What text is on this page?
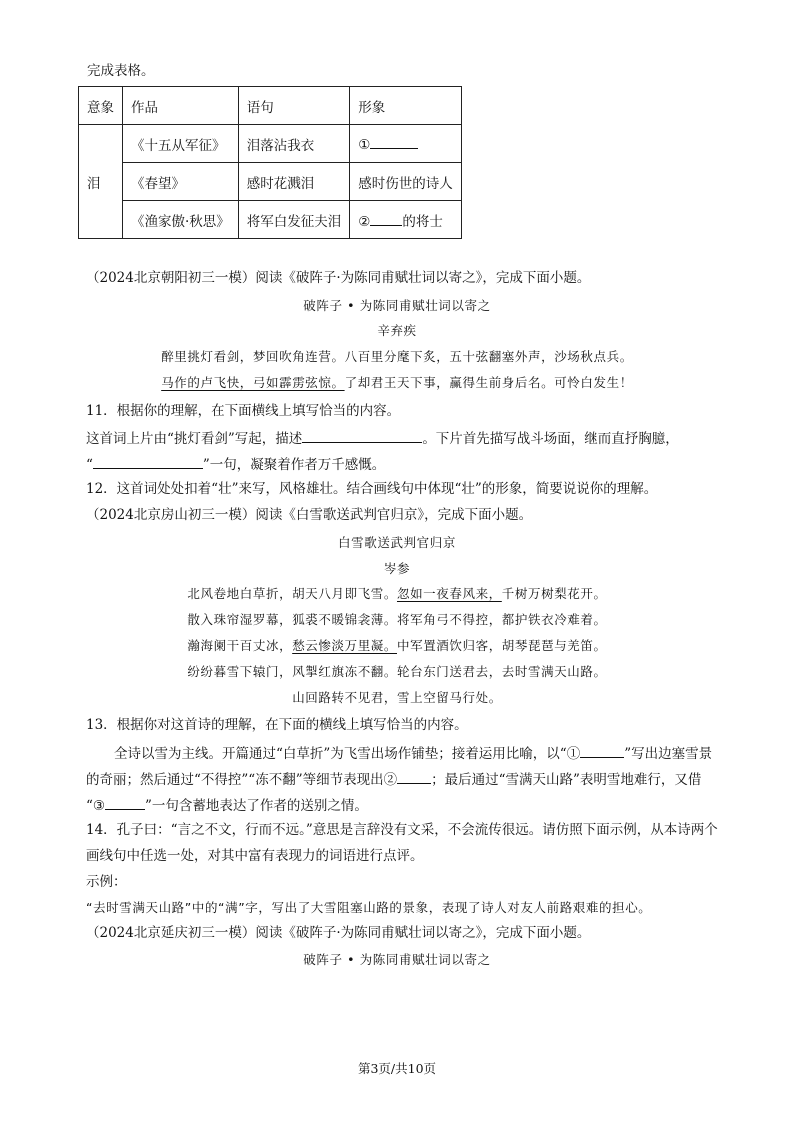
完成表格。
意象	作品	语句	形象
泪	《十五从军征》	泪落沾我衣	①
	《春望》	感时花溅泪	感时伤世的诗人
	《渔家傲·秋思》	将军白发征夫泪	② 的将士
（2024北京朝阳初三一模）阅读《破阵子·为陈同甫赋壮词以寄之》，完成下面小题。
破阵子 • 为陈同甫赋壮词以寄之
辛弃疾
醉里挑灯看剑，梦回吹角连营。八百里分麾下炙，五十弦翻塞外声，沙场秋点兵。
马作的卢飞快，弓如霹雳弦惊。了却君王天下事，赢得生前身后名。可怜白发生！
11．根据你的理解，在下面横线上填写恰当的内容。
这首词上片由“挑灯看剑”写起，描述	。下片首先描写战斗场面，继而直抒胸臆，
“	”一句，凝聚着作者万千感慨。
12．这首词处处扣着“壮”来写，风格雄壮。结合画线句中体现“壮”的形象，简要说说你的理解。
（2024北京房山初三一模）阅读《白雪歌送武判官归京》，完成下面小题。
白雪歌送武判官归京
岑参
北风卷地白草折，胡天八月即飞雪。忽如一夜春风来，千树万树梨花开。
散入珠帘湿罗幕，狐裘不暖锦衾薄。将军角弓不得控，都护铁衣冷难着。
瀚海阑干百丈冰，愁云惨淡万里凝。中军置酒饮归客，胡琴琵琶与羌笛。
纷纷暮雪下辕门，风掣红旗冻不翻。轮台东门送君去，去时雪满天山路。
山回路转不见君，雪上空留马行处。
13．根据你对这首诗的理解，在下面的横线上填写恰当的内容。
全诗以雪为主线。开篇通过“白草折”为飞雪出场作铺垫；接着运用比喻，以“①	”写出边塞雪景
的奇丽；然后通过“不得控”“冻不翻”等细节表现出②	；最后通过“雪满天山路”表明雪地难行，又借
“③	”一句含蓄地表达了作者的送别之情。
14．孔子曰：“言之不文，行而不远。”意思是言辞没有文采，不会流传很远。请仿照下面示例，从本诗两个
画线句中任选一处，对其中富有表现力的词语进行点评。
示例：
“去时雪满天山路”中的“满”字，写出了大雪阻塞山路的景象，表现了诗人对友人前路艰难的担心。
（2024北京延庆初三一模）阅读《破阵子·为陈同甫赋壮词以寄之》，完成下面小题。
破阵子 • 为陈同甫赋壮词以寄之
第3页/共10页
